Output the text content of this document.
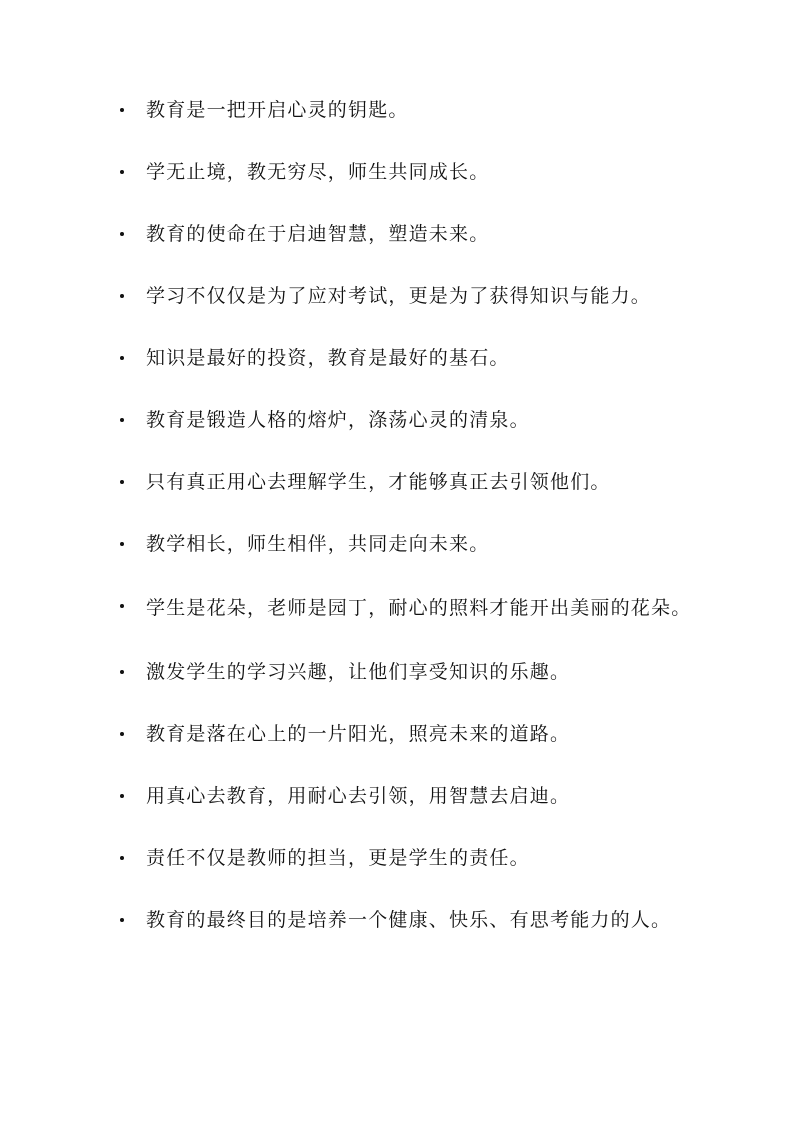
教育是一把开启心灵的钥匙。
学无止境，教无穷尽，师生共同成长。
教育的使命在于启迪智慧，塑造未来。
学习不仅仅是为了应对考试，更是为了获得知识与能力。
知识是最好的投资，教育是最好的基石。
教育是锻造人格的熔炉，涤荡心灵的清泉。
只有真正用心去理解学生，才能够真正去引领他们。
教学相长，师生相伴，共同走向未来。
学生是花朵，老师是园丁，耐心的照料才能开出美丽的花朵。
激发学生的学习兴趣，让他们享受知识的乐趣。
教育是落在心上的一片阳光，照亮未来的道路。
用真心去教育，用耐心去引领，用智慧去启迪。
责任不仅是教师的担当，更是学生的责任。
教育的最终目的是培养一个健康、快乐、有思考能力的人。
